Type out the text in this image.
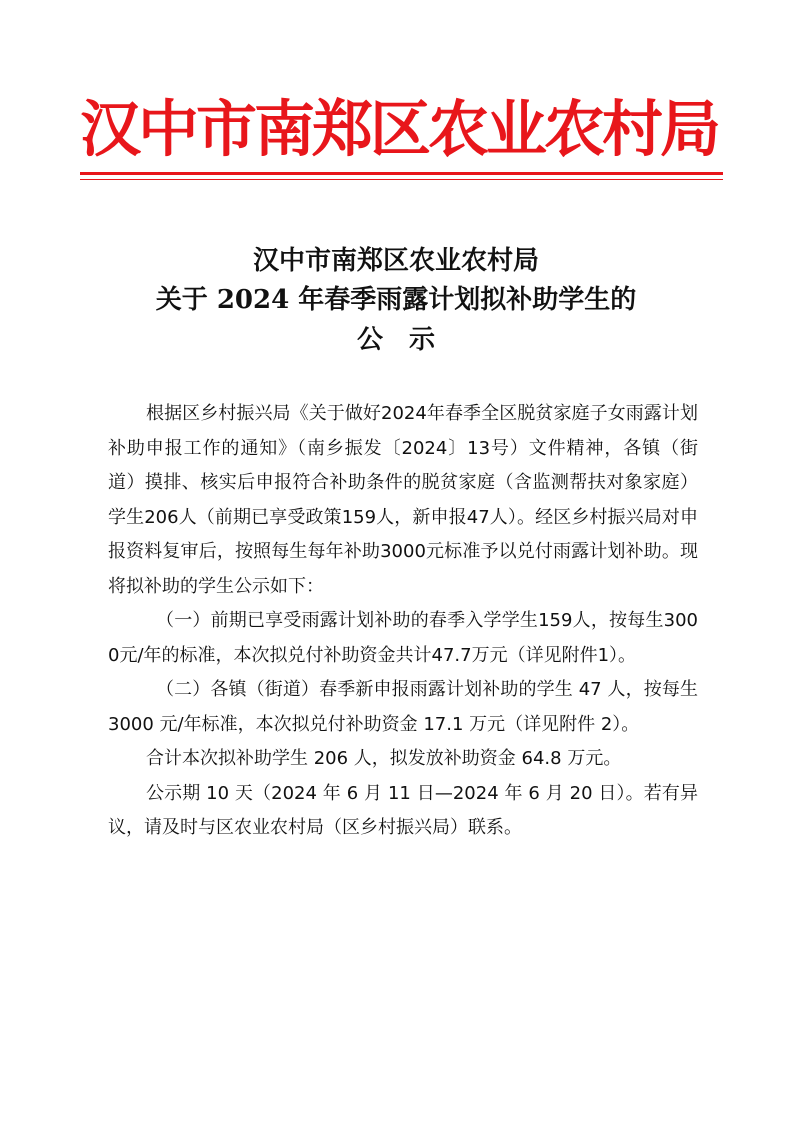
汉中市南郑区农业农村局
汉中市南郑区农业农村局
关于 2024 年春季雨露计划拟补助学生的
公示

根据区乡村振兴局《关于做好2024年春季全区脱贫家庭子女雨露计划补助申报工作的通知》（南乡振发〔2024〕13号）文件精神，各镇（街道）摸排、核实后申报符合补助条件的脱贫家庭（含监测帮扶对象家庭）学生206人（前期已享受政策159人，新申报47人）。经区乡村振兴局对申报资料复审后，按照每生每年补助3000元标准予以兑付雨露计划补助。现将拟补助的学生公示如下：

（一）前期已享受雨露计划补助的春季入学学生159人，按每生3000元/年的标准，本次拟兑付补助资金共计47.7万元（详见附件1）。

（二）各镇（街道）春季新申报雨露计划补助的学生 47 人，按每生 3000 元/年标准，本次拟兑付补助资金 17.1 万元（详见附件 2）。

合计本次拟补助学生 206 人，拟发放补助资金 64.8 万元。

公示期 10 天（2024 年 6 月 11 日—2024 年 6 月 20 日）。若有异议，请及时与区农业农村局（区乡村振兴局）联系。
